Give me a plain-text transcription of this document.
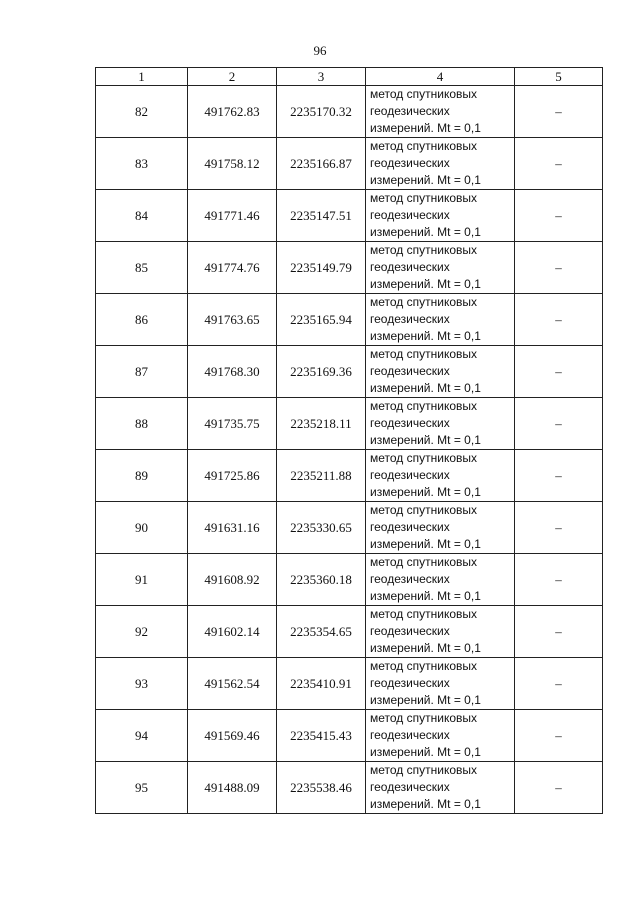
96
1	2	3	4	5
82	491762.83	2235170.32	метод спутниковых
геодезических
измерений. Mt = 0,1	–
83	491758.12	2235166.87	метод спутниковых
геодезических
измерений. Mt = 0,1	–
84	491771.46	2235147.51	метод спутниковых
геодезических
измерений. Mt = 0,1	–
85	491774.76	2235149.79	метод спутниковых
геодезических
измерений. Mt = 0,1	–
86	491763.65	2235165.94	метод спутниковых
геодезических
измерений. Mt = 0,1	–
87	491768.30	2235169.36	метод спутниковых
геодезических
измерений. Mt = 0,1	–
88	491735.75	2235218.11	метод спутниковых
геодезических
измерений. Mt = 0,1	–
89	491725.86	2235211.88	метод спутниковых
геодезических
измерений. Mt = 0,1	–
90	491631.16	2235330.65	метод спутниковых
геодезических
измерений. Mt = 0,1	–
91	491608.92	2235360.18	метод спутниковых
геодезических
измерений. Mt = 0,1	–
92	491602.14	2235354.65	метод спутниковых
геодезических
измерений. Mt = 0,1	–
93	491562.54	2235410.91	метод спутниковых
геодезических
измерений. Mt = 0,1	–
94	491569.46	2235415.43	метод спутниковых
геодезических
измерений. Mt = 0,1	–
95	491488.09	2235538.46	метод спутниковых
геодезических
измерений. Mt = 0,1	–
